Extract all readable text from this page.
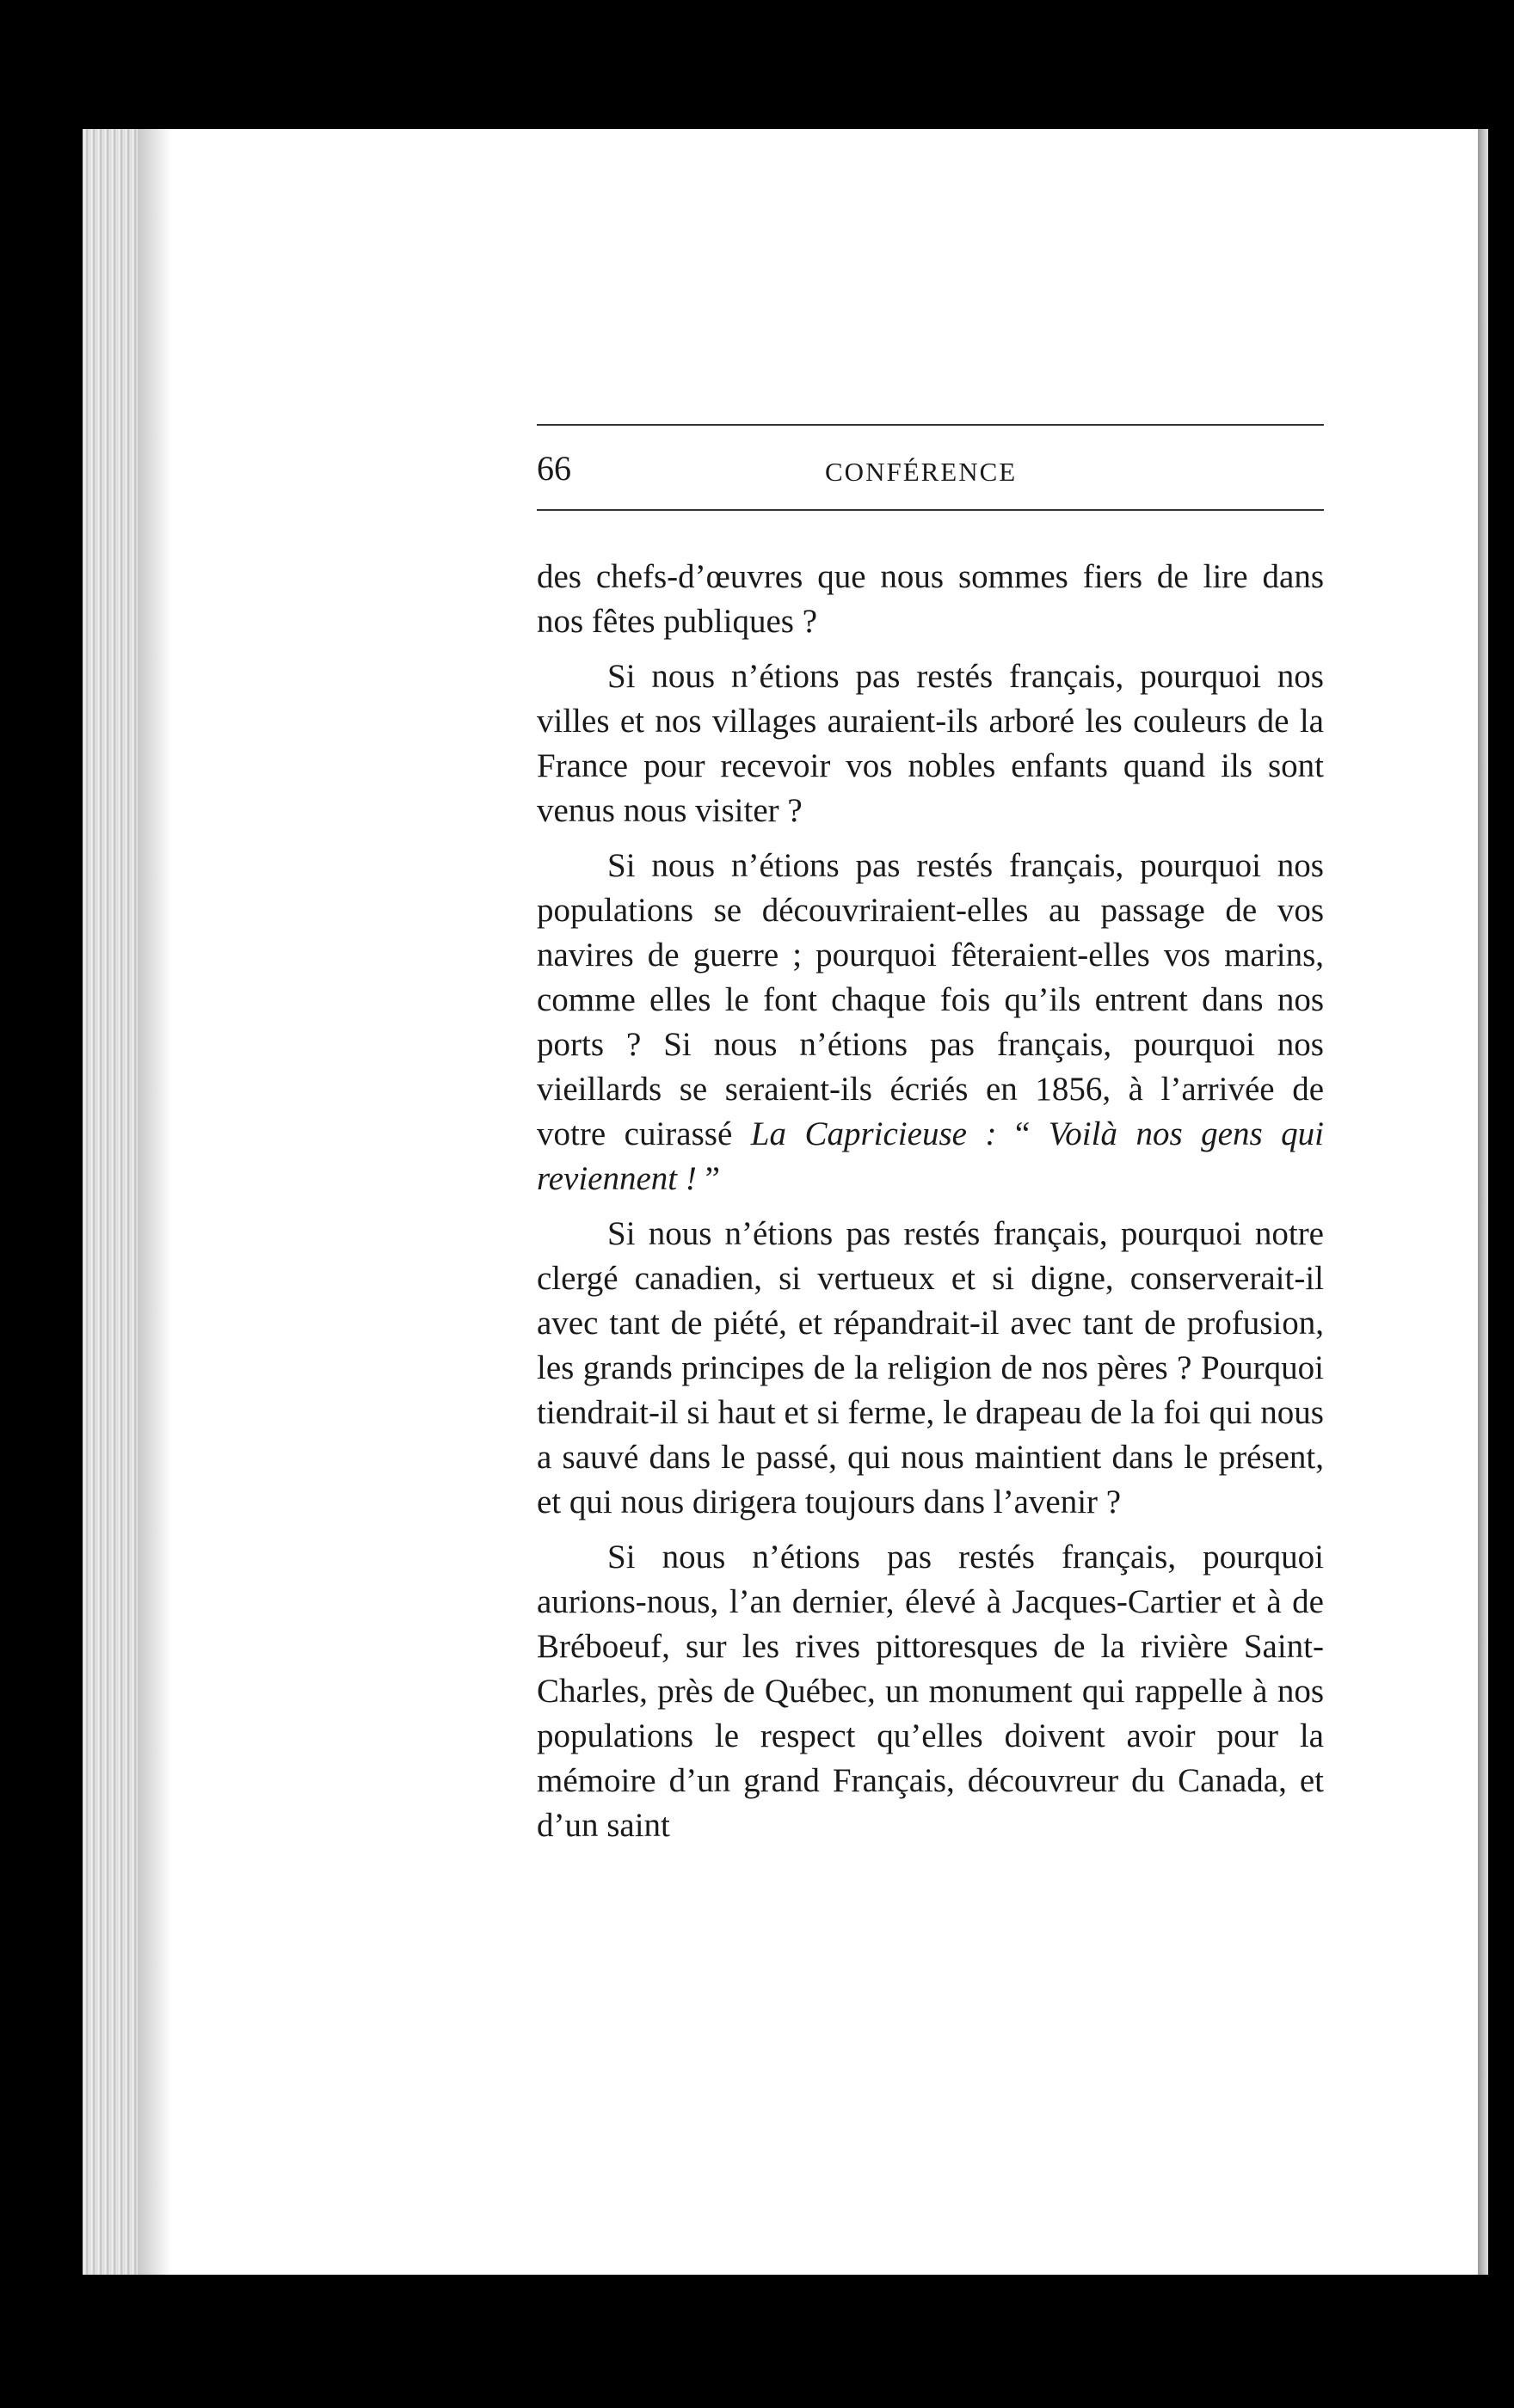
66	CONFÉRENCE

des chefs-d’œuvres que nous sommes fiers de lire dans nos fêtes publiques ?

Si nous n’étions pas restés français, pourquoi nos villes et nos villages auraient-ils arboré les couleurs de la France pour recevoir vos nobles enfants quand ils sont venus nous visiter ?

Si nous n’étions pas restés français, pourquoi nos populations se découvriraient-elles au passage de vos navires de guerre ; pourquoi fêteraient-elles vos marins, comme elles le font chaque fois qu’ils entrent dans nos ports ? Si nous n’étions pas français, pourquoi nos vieillards se seraient-ils écriés en 1856, à l’arrivée de votre cuirassé La Capricieuse : “ Voilà nos gens qui reviennent ! ”

Si nous n’étions pas restés français, pourquoi notre clergé canadien, si vertueux et si digne, conserverait-il avec tant de piété, et répandrait-il avec tant de profusion, les grands principes de la religion de nos pères ? Pourquoi tiendrait-il si haut et si ferme, le drapeau de la foi qui nous a sauvé dans le passé, qui nous maintient dans le présent, et qui nous dirigera toujours dans l’avenir ?

Si nous n’étions pas restés français, pourquoi aurions-nous, l’an dernier, élevé à Jacques-Cartier et à de Bréboeuf, sur les rives pittoresques de la rivière Saint-Charles, près de Québec, un monument qui rappelle à nos populations le respect qu’elles doivent avoir pour la mémoire d’un grand Français, découvreur du Canada, et d’un saint
